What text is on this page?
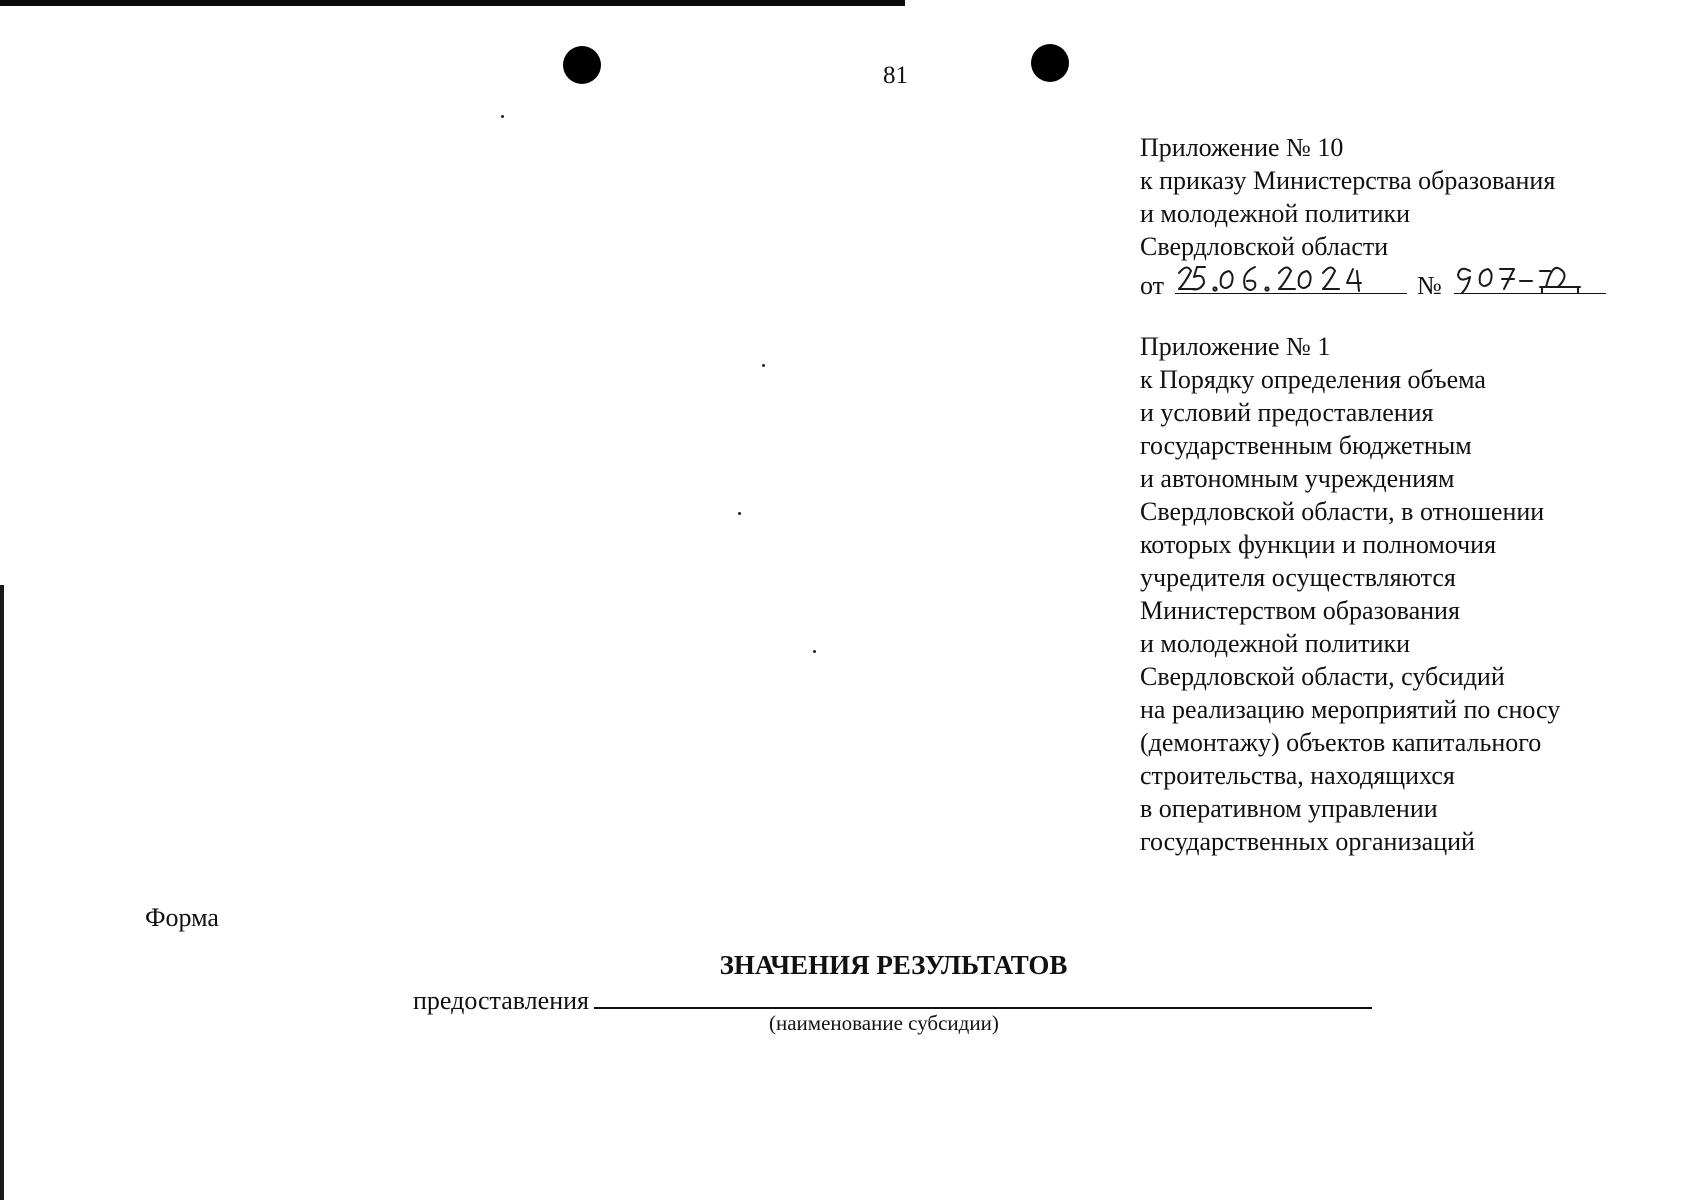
81
Приложение № 10
к приказу Министерства образования
и молодежной политики
Свердловской области
от	№
Приложение № 1
к Порядку определения объема
и условий предоставления
государственным бюджетным
и автономным учреждениям
Свердловской области, в отношении
которых функции и полномочия
учредителя осуществляются
Министерством образования
и молодежной политики
Свердловской области, субсидий
на реализацию мероприятий по сносу
(демонтажу) объектов капитального
строительства, находящихся
в оперативном управлении
государственных организаций
Форма
ЗНАЧЕНИЯ РЕЗУЛЬТАТОВ
предоставления
(наименование субсидии)
